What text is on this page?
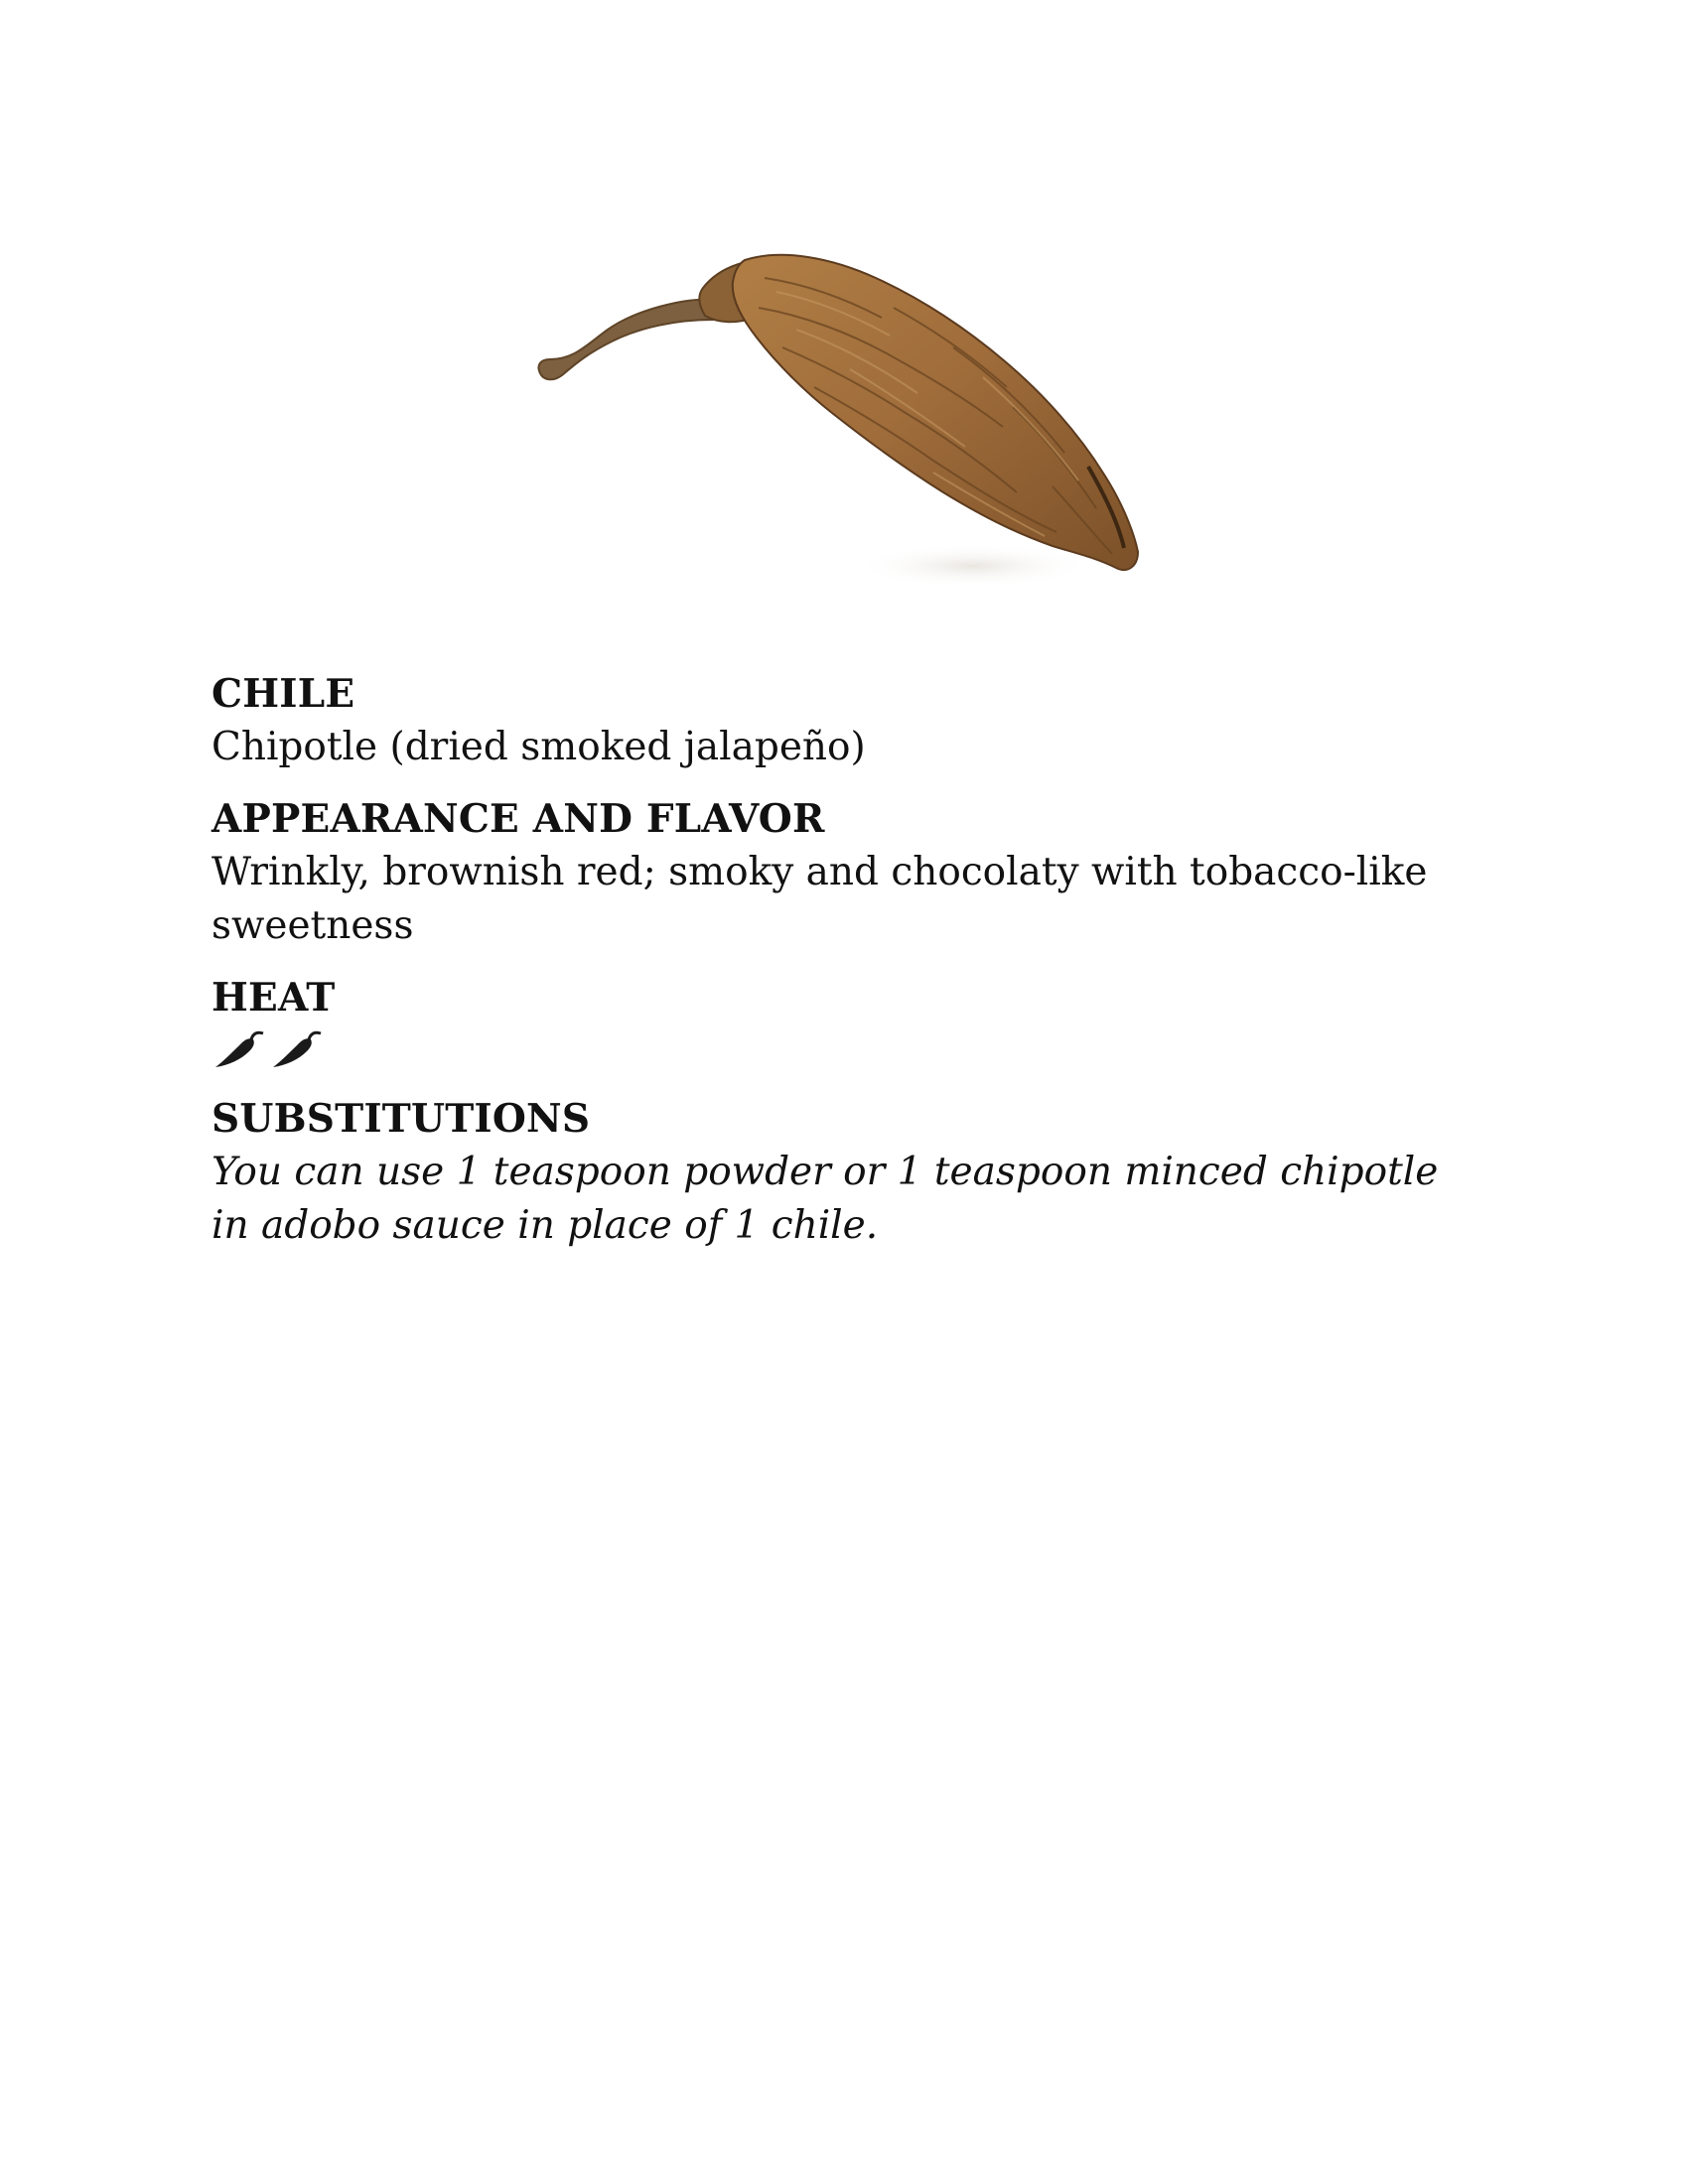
CHILE

Chipotle (dried smoked jalapeño)

APPEARANCE AND FLAVOR

Wrinkly, brownish red; smoky and chocolaty with tobacco-like sweetness

HEAT

SUBSTITUTIONS

You can use 1 teaspoon powder or 1 teaspoon minced chipotle in adobo sauce in place of 1 chile.
